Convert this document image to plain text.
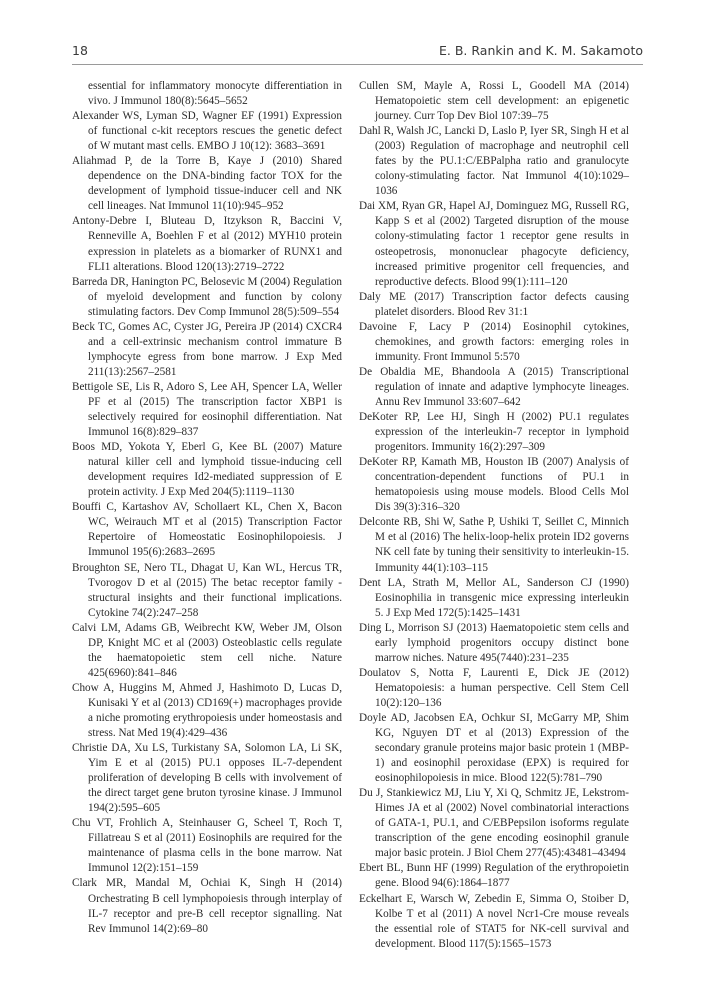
18	E. B. Rankin and K. M. Sakamoto

essential for inflammatory monocyte differentiation in vivo. J Immunol 180(8):5645–5652

Alexander WS, Lyman SD, Wagner EF (1991) Expression of functional c-kit receptors rescues the genetic defect of W mutant mast cells. EMBO J 10(12): 3683–3691

Aliahmad P, de la Torre B, Kaye J (2010) Shared dependence on the DNA-binding factor TOX for the development of lymphoid tissue-inducer cell and NK cell lineages. Nat Immunol 11(10):945–952

Antony-Debre I, Bluteau D, Itzykson R, Baccini V, Renneville A, Boehlen F et al (2012) MYH10 protein expression in platelets as a biomarker of RUNX1 and FLI1 alterations. Blood 120(13):2719–2722

Barreda DR, Hanington PC, Belosevic M (2004) Regulation of myeloid development and function by colony stimulating factors. Dev Comp Immunol 28(5):509–554

Beck TC, Gomes AC, Cyster JG, Pereira JP (2014) CXCR4 and a cell-extrinsic mechanism control immature B lymphocyte egress from bone marrow. J Exp Med 211(13):2567–2581

Bettigole SE, Lis R, Adoro S, Lee AH, Spencer LA, Weller PF et al (2015) The transcription factor XBP1 is selectively required for eosinophil differentiation. Nat Immunol 16(8):829–837

Boos MD, Yokota Y, Eberl G, Kee BL (2007) Mature natural killer cell and lymphoid tissue-inducing cell development requires Id2-mediated suppression of E protein activity. J Exp Med 204(5):1119–1130

Bouffi C, Kartashov AV, Schollaert KL, Chen X, Bacon WC, Weirauch MT et al (2015) Transcription Factor Repertoire of Homeostatic Eosinophilopoiesis. J Immunol 195(6):2683–2695

Broughton SE, Nero TL, Dhagat U, Kan WL, Hercus TR, Tvorogov D et al (2015) The betac receptor family - structural insights and their functional implications. Cytokine 74(2):247–258

Calvi LM, Adams GB, Weibrecht KW, Weber JM, Olson DP, Knight MC et al (2003) Osteoblastic cells regulate the haematopoietic stem cell niche. Nature 425(6960):841–846

Chow A, Huggins M, Ahmed J, Hashimoto D, Lucas D, Kunisaki Y et al (2013) CD169(+) macrophages provide a niche promoting erythropoiesis under homeostasis and stress. Nat Med 19(4):429–436

Christie DA, Xu LS, Turkistany SA, Solomon LA, Li SK, Yim E et al (2015) PU.1 opposes IL-7-dependent proliferation of developing B cells with involvement of the direct target gene bruton tyrosine kinase. J Immunol 194(2):595–605

Chu VT, Frohlich A, Steinhauser G, Scheel T, Roch T, Fillatreau S et al (2011) Eosinophils are required for the maintenance of plasma cells in the bone marrow. Nat Immunol 12(2):151–159

Clark MR, Mandal M, Ochiai K, Singh H (2014) Orchestrating B cell lymphopoiesis through interplay of IL-7 receptor and pre-B cell receptor signalling. Nat Rev Immunol 14(2):69–80

Cullen SM, Mayle A, Rossi L, Goodell MA (2014) Hematopoietic stem cell development: an epigenetic journey. Curr Top Dev Biol 107:39–75

Dahl R, Walsh JC, Lancki D, Laslo P, Iyer SR, Singh H et al (2003) Regulation of macrophage and neutrophil cell fates by the PU.1:C/EBPalpha ratio and granulocyte colony-stimulating factor. Nat Immunol 4(10):1029–1036

Dai XM, Ryan GR, Hapel AJ, Dominguez MG, Russell RG, Kapp S et al (2002) Targeted disruption of the mouse colony-stimulating factor 1 receptor gene results in osteopetrosis, mononuclear phagocyte deficiency, increased primitive progenitor cell frequencies, and reproductive defects. Blood 99(1):111–120

Daly ME (2017) Transcription factor defects causing platelet disorders. Blood Rev 31:1

Davoine F, Lacy P (2014) Eosinophil cytokines, chemokines, and growth factors: emerging roles in immunity. Front Immunol 5:570

De Obaldia ME, Bhandoola A (2015) Transcriptional regulation of innate and adaptive lymphocyte lineages. Annu Rev Immunol 33:607–642

DeKoter RP, Lee HJ, Singh H (2002) PU.1 regulates expression of the interleukin-7 receptor in lymphoid progenitors. Immunity 16(2):297–309

DeKoter RP, Kamath MB, Houston IB (2007) Analysis of concentration-dependent functions of PU.1 in hematopoiesis using mouse models. Blood Cells Mol Dis 39(3):316–320

Delconte RB, Shi W, Sathe P, Ushiki T, Seillet C, Minnich M et al (2016) The helix-loop-helix protein ID2 governs NK cell fate by tuning their sensitivity to interleukin-15. Immunity 44(1):103–115

Dent LA, Strath M, Mellor AL, Sanderson CJ (1990) Eosinophilia in transgenic mice expressing interleukin 5. J Exp Med 172(5):1425–1431

Ding L, Morrison SJ (2013) Haematopoietic stem cells and early lymphoid progenitors occupy distinct bone marrow niches. Nature 495(7440):231–235

Doulatov S, Notta F, Laurenti E, Dick JE (2012) Hematopoiesis: a human perspective. Cell Stem Cell 10(2):120–136

Doyle AD, Jacobsen EA, Ochkur SI, McGarry MP, Shim KG, Nguyen DT et al (2013) Expression of the secondary granule proteins major basic protein 1 (MBP-1) and eosinophil peroxidase (EPX) is required for eosinophilopoiesis in mice. Blood 122(5):781–790

Du J, Stankiewicz MJ, Liu Y, Xi Q, Schmitz JE, Lekstrom-Himes JA et al (2002) Novel combinatorial interactions of GATA-1, PU.1, and C/EBPepsilon isoforms regulate transcription of the gene encoding eosinophil granule major basic protein. J Biol Chem 277(45):43481–43494

Ebert BL, Bunn HF (1999) Regulation of the erythropoietin gene. Blood 94(6):1864–1877

Eckelhart E, Warsch W, Zebedin E, Simma O, Stoiber D, Kolbe T et al (2011) A novel Ncr1-Cre mouse reveals the essential role of STAT5 for NK-cell survival and development. Blood 117(5):1565–1573
